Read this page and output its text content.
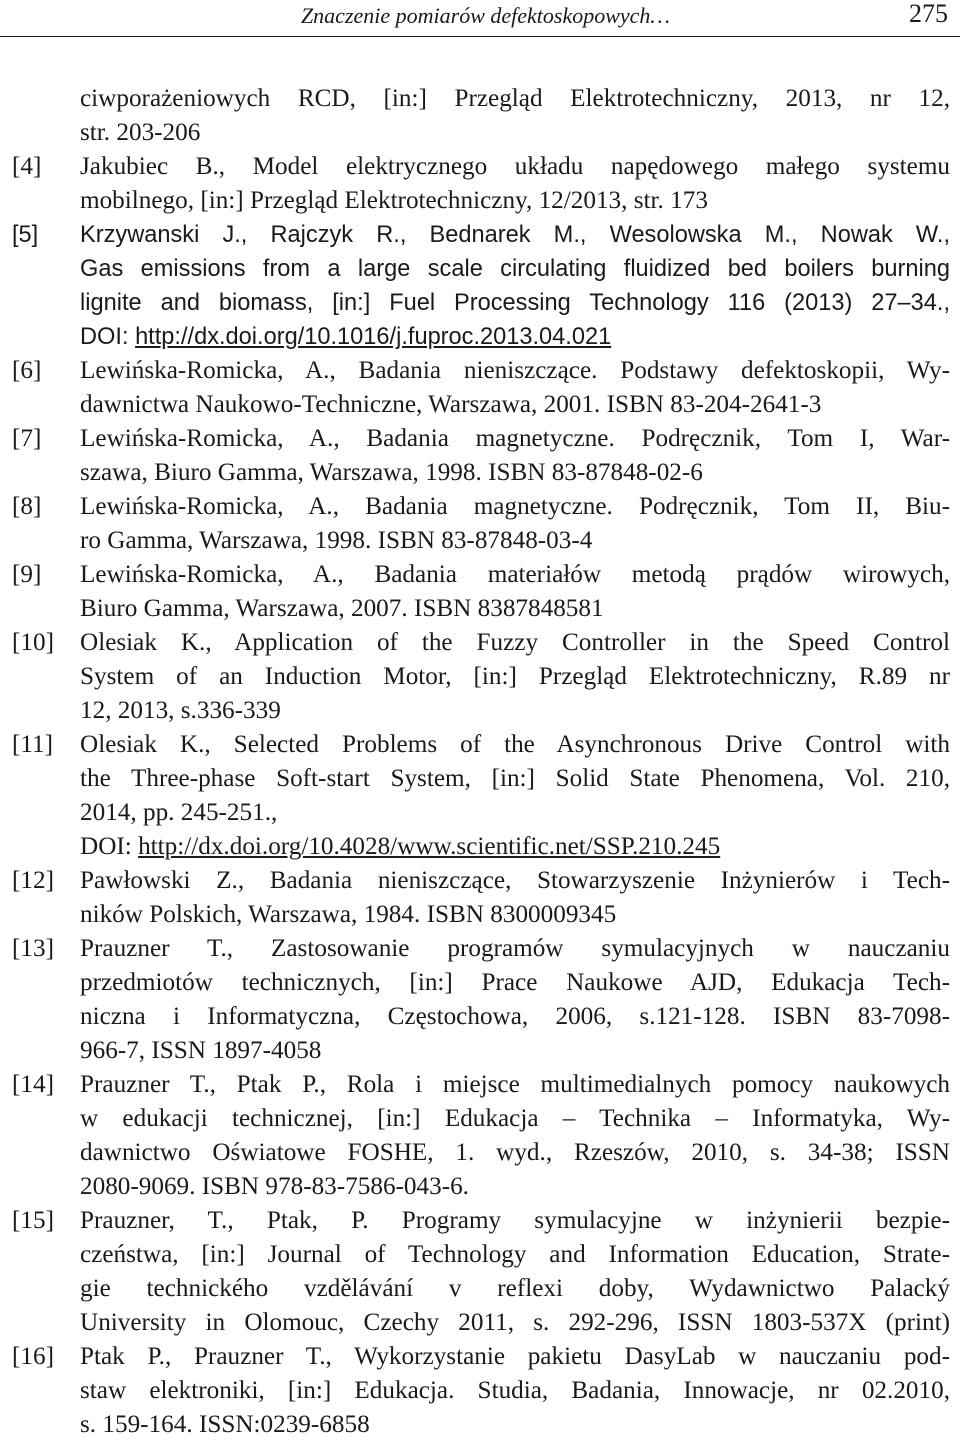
Znaczenie pomiarów defektoskopowych…	275
ciwporażeniowych RCD, [in:] Przegląd Elektrotechniczny, 2013, nr 12,
str. 203-206
[4] Jakubiec B., Model elektrycznego układu napędowego małego systemu
mobilnego, [in:] Przegląd Elektrotechniczny, 12/2013, str. 173
[5] Krzywanski J., Rajczyk R., Bednarek M., Wesolowska M., Nowak W.,
Gas emissions from a large scale circulating fluidized bed boilers burning
lignite and biomass, [in:] Fuel Processing Technology 116 (2013) 27–34.,
DOI: http://dx.doi.org/10.1016/j.fuproc.2013.04.021
[6] Lewińska-Romicka, A., Badania nieniszczące. Podstawy defektoskopii, Wy-
dawnictwa Naukowo-Techniczne, Warszawa, 2001. ISBN 83-204-2641-3
[7] Lewińska-Romicka, A., Badania magnetyczne. Podręcznik, Tom I, War-
szawa, Biuro Gamma, Warszawa, 1998. ISBN 83-87848-02-6
[8] Lewińska-Romicka, A., Badania magnetyczne. Podręcznik, Tom II, Biu-
ro Gamma, Warszawa, 1998. ISBN 83-87848-03-4
[9] Lewińska-Romicka, A., Badania materiałów metodą prądów wirowych,
Biuro Gamma, Warszawa, 2007. ISBN 8387848581
[10] Olesiak K., Application of the Fuzzy Controller in the Speed Control
System of an Induction Motor, [in:] Przegląd Elektrotechniczny, R.89 nr
12, 2013, s.336-339
[11] Olesiak K., Selected Problems of the Asynchronous Drive Control with
the Three-phase Soft-start System, [in:] Solid State Phenomena, Vol. 210,
2014, pp. 245-251.,
DOI: http://dx.doi.org/10.4028/www.scientific.net/SSP.210.245
[12] Pawłowski Z., Badania nieniszczące, Stowarzyszenie Inżynierów i Tech-
ników Polskich, Warszawa, 1984. ISBN 8300009345
[13] Prauzner T., Zastosowanie programów symulacyjnych w nauczaniu
przedmiotów technicznych, [in:] Prace Naukowe AJD, Edukacja Tech-
niczna i Informatyczna, Częstochowa, 2006, s.121-128. ISBN 83-7098-
966-7, ISSN 1897-4058
[14] Prauzner T., Ptak P., Rola i miejsce multimedialnych pomocy naukowych
w edukacji technicznej, [in:] Edukacja – Technika – Informatyka, Wy-
dawnictwo Oświatowe FOSHE, 1. wyd., Rzeszów, 2010, s. 34-38; ISSN
2080-9069. ISBN 978-83-7586-043-6.
[15] Prauzner, T., Ptak, P. Programy symulacyjne w inżynierii bezpie-
czeństwa, [in:] Journal of Technology and Information Education, Strate-
gie technického vzdělávání v reflexi doby, Wydawnictwo Palacký
University in Olomouc, Czechy 2011, s. 292-296, ISSN 1803-537X (print)
[16] Ptak P., Prauzner T., Wykorzystanie pakietu DasyLab w nauczaniu pod-
staw elektroniki, [in:] Edukacja. Studia, Badania, Innowacje, nr 02.2010,
s. 159-164. ISSN:0239-6858
